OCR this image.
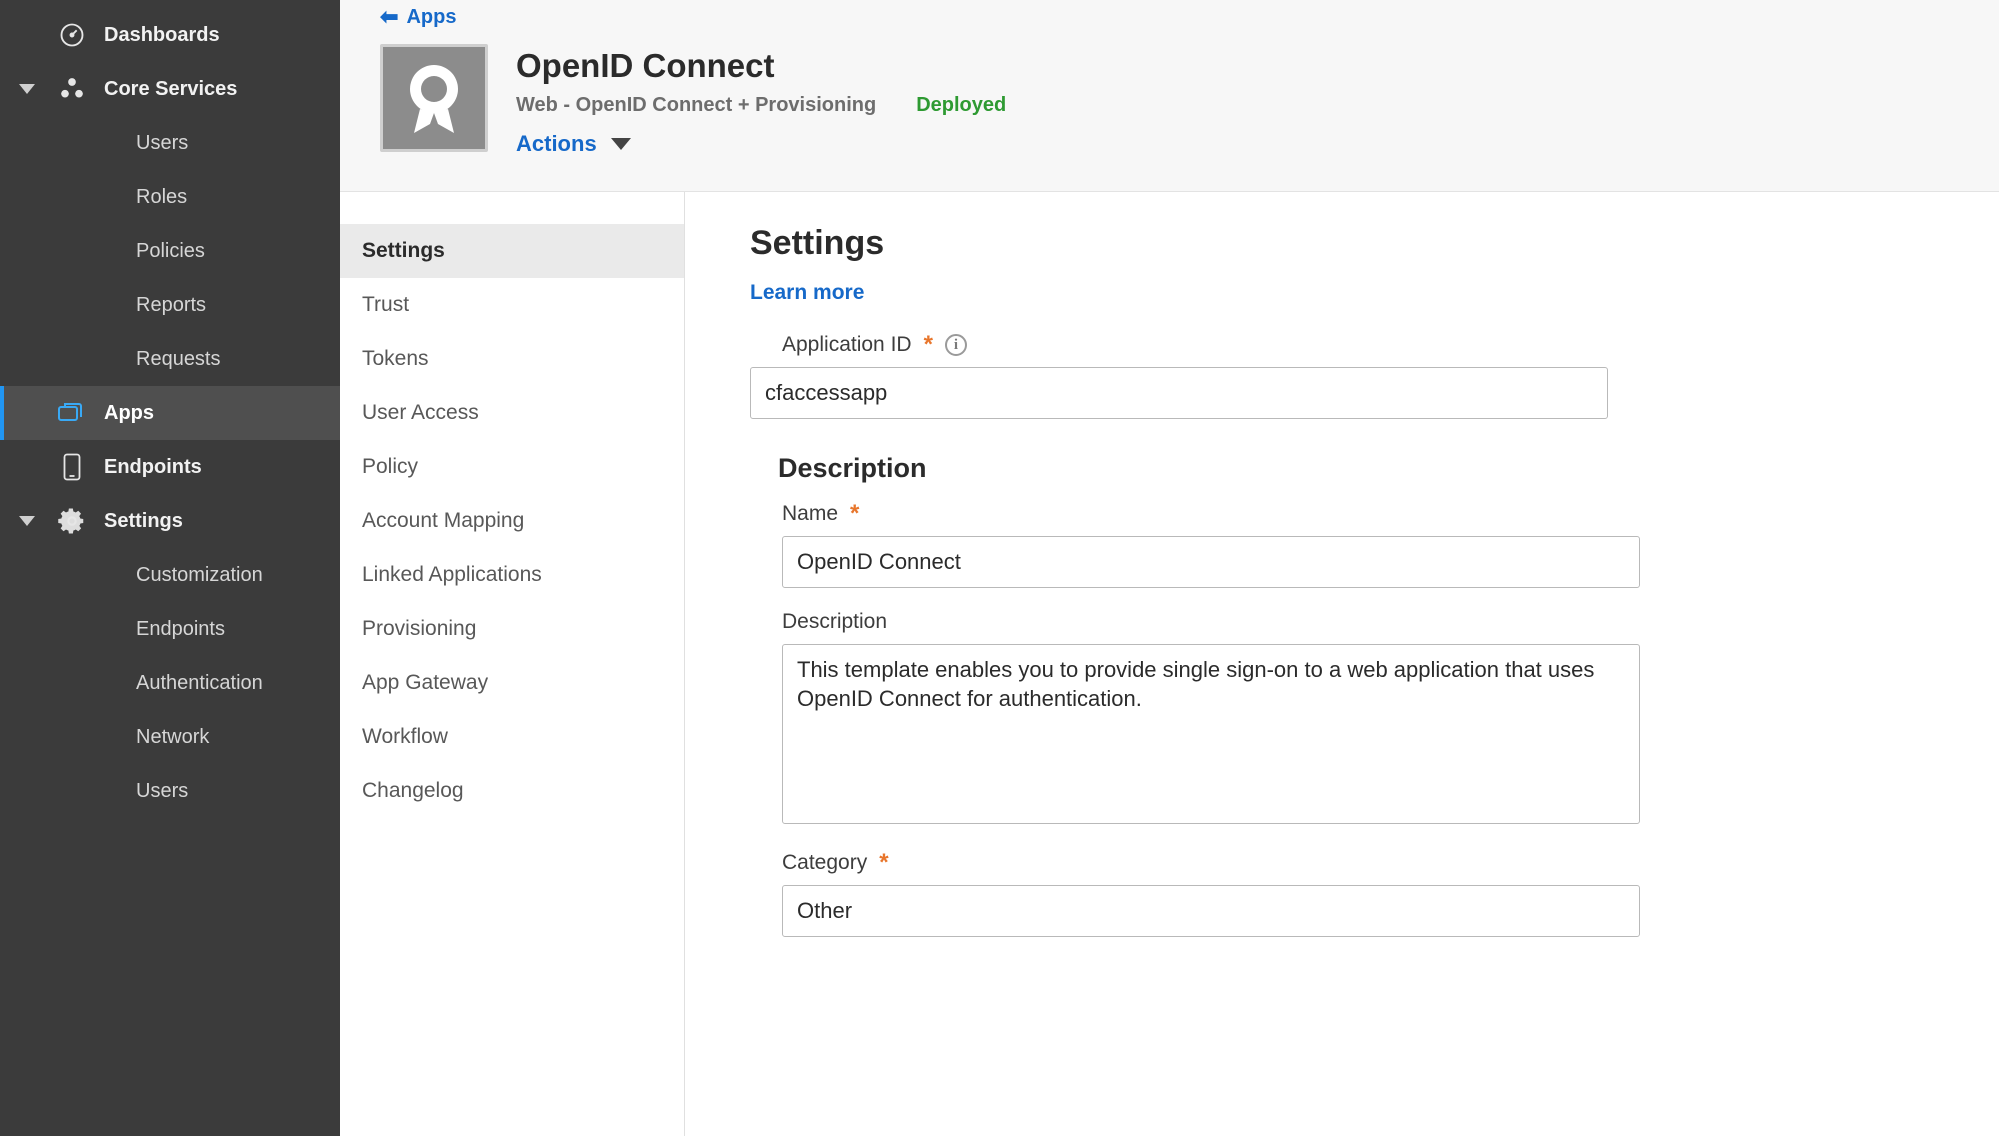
Dashboards
Core Services
Users
Roles
Policies
Reports
Requests
Apps
Endpoints
Settings
Customization
Endpoints
Authentication
Network
Users
⬅ Apps
OpenID Connect
Web - OpenID Connect + Provisioning Deployed
Actions
Settings
Trust
Tokens
User Access
Policy
Account Mapping
Linked Applications
Provisioning
App Gateway
Workflow
Changelog
Settings
Learn more
Application ID *	i
cfaccessapp
Description
Name *
OpenID Connect
Description
This template enables you to provide single sign-on to a web application that uses OpenID Connect for authentication.
Category *
Other
